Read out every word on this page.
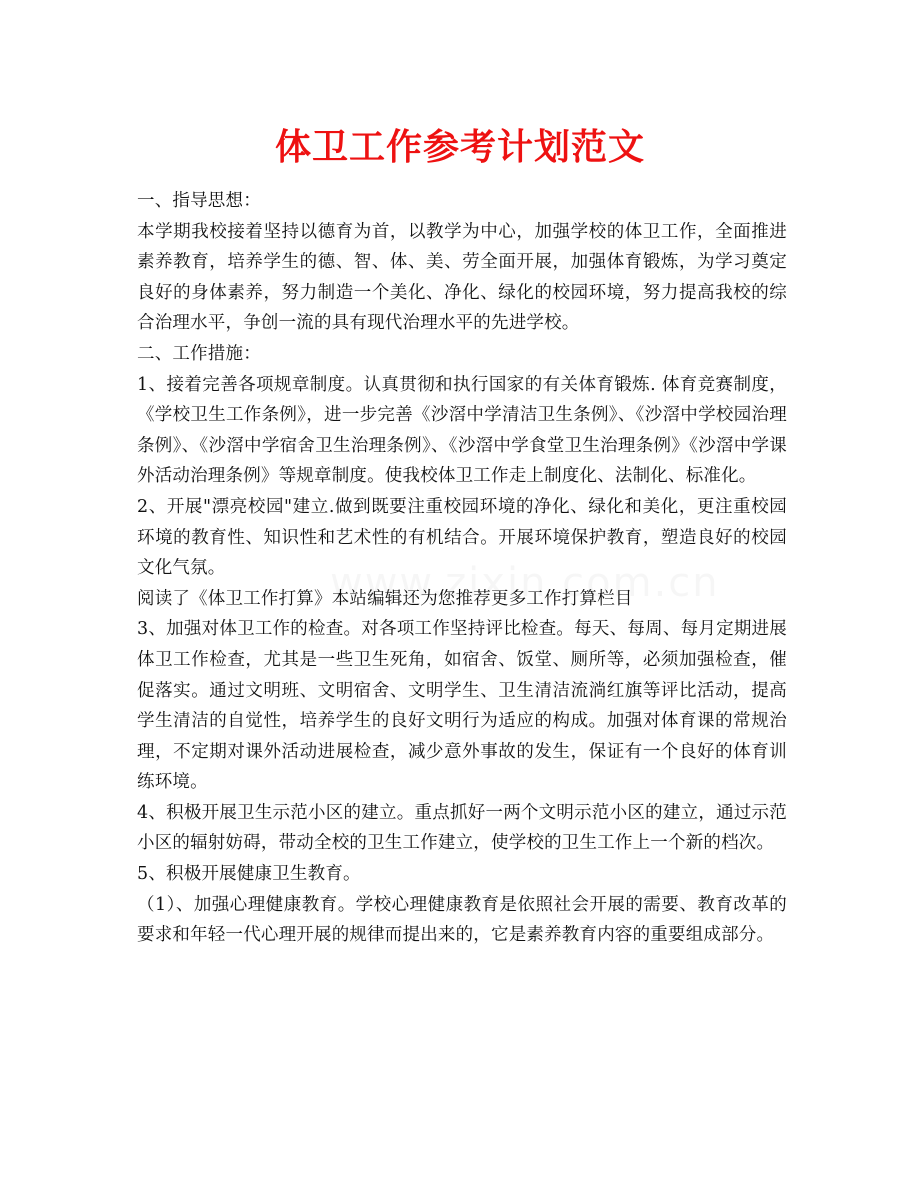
体卫工作参考计划范文

一、指导思想：

本学期我校接着坚持以德育为首，以教学为中心，加强学校的体卫工作，全面推进素养教育，培养学生的德、智、体、美、劳全面开展，加强体育锻炼，为学习奠定良好的身体素养，努力制造一个美化、净化、绿化的校园环境，努力提高我校的综合治理水平，争创一流的具有现代治理水平的先进学校。

二、工作措施：

1、接着完善各项规章制度。认真贯彻和执行国家的有关体育锻炼. 体育竞赛制度，《学校卫生工作条例》，进一步完善《沙滘中学清洁卫生条例》、《沙滘中学校园治理条例》、《沙滘中学宿舍卫生治理条例》、《沙滘中学食堂卫生治理条例》《沙滘中学课外活动治理条例》等规章制度。使我校体卫工作走上制度化、法制化、标准化。

2、开展"漂亮校园"建立.做到既要注重校园环境的净化、绿化和美化，更注重校园环境的教育性、知识性和艺术性的有机结合。开展环境保护教育，塑造良好的校园文化气氛。

阅读了《体卫工作打算》本站编辑还为您推荐更多工作打算栏目

3、加强对体卫工作的检查。对各项工作坚持评比检查。每天、每周、每月定期进展体卫工作检查，尤其是一些卫生死角，如宿舍、饭堂、厕所等，必须加强检查，催促落实。通过文明班、文明宿舍、文明学生、卫生清洁流淌红旗等评比活动，提高学生清洁的自觉性，培养学生的良好文明行为适应的构成。加强对体育课的常规治理，不定期对课外活动进展检查，减少意外事故的发生，保证有一个良好的体育训练环境。

4、积极开展卫生示范小区的建立。重点抓好一两个文明示范小区的建立，通过示范小区的辐射妨碍，带动全校的卫生工作建立，使学校的卫生工作上一个新的档次。

5、积极开展健康卫生教育。

（1）、加强心理健康教育。学校心理健康教育是依照社会开展的需要、教育改革的要求和年轻一代心理开展的规律而提出来的，它是素养教育内容的重要组成部分。
